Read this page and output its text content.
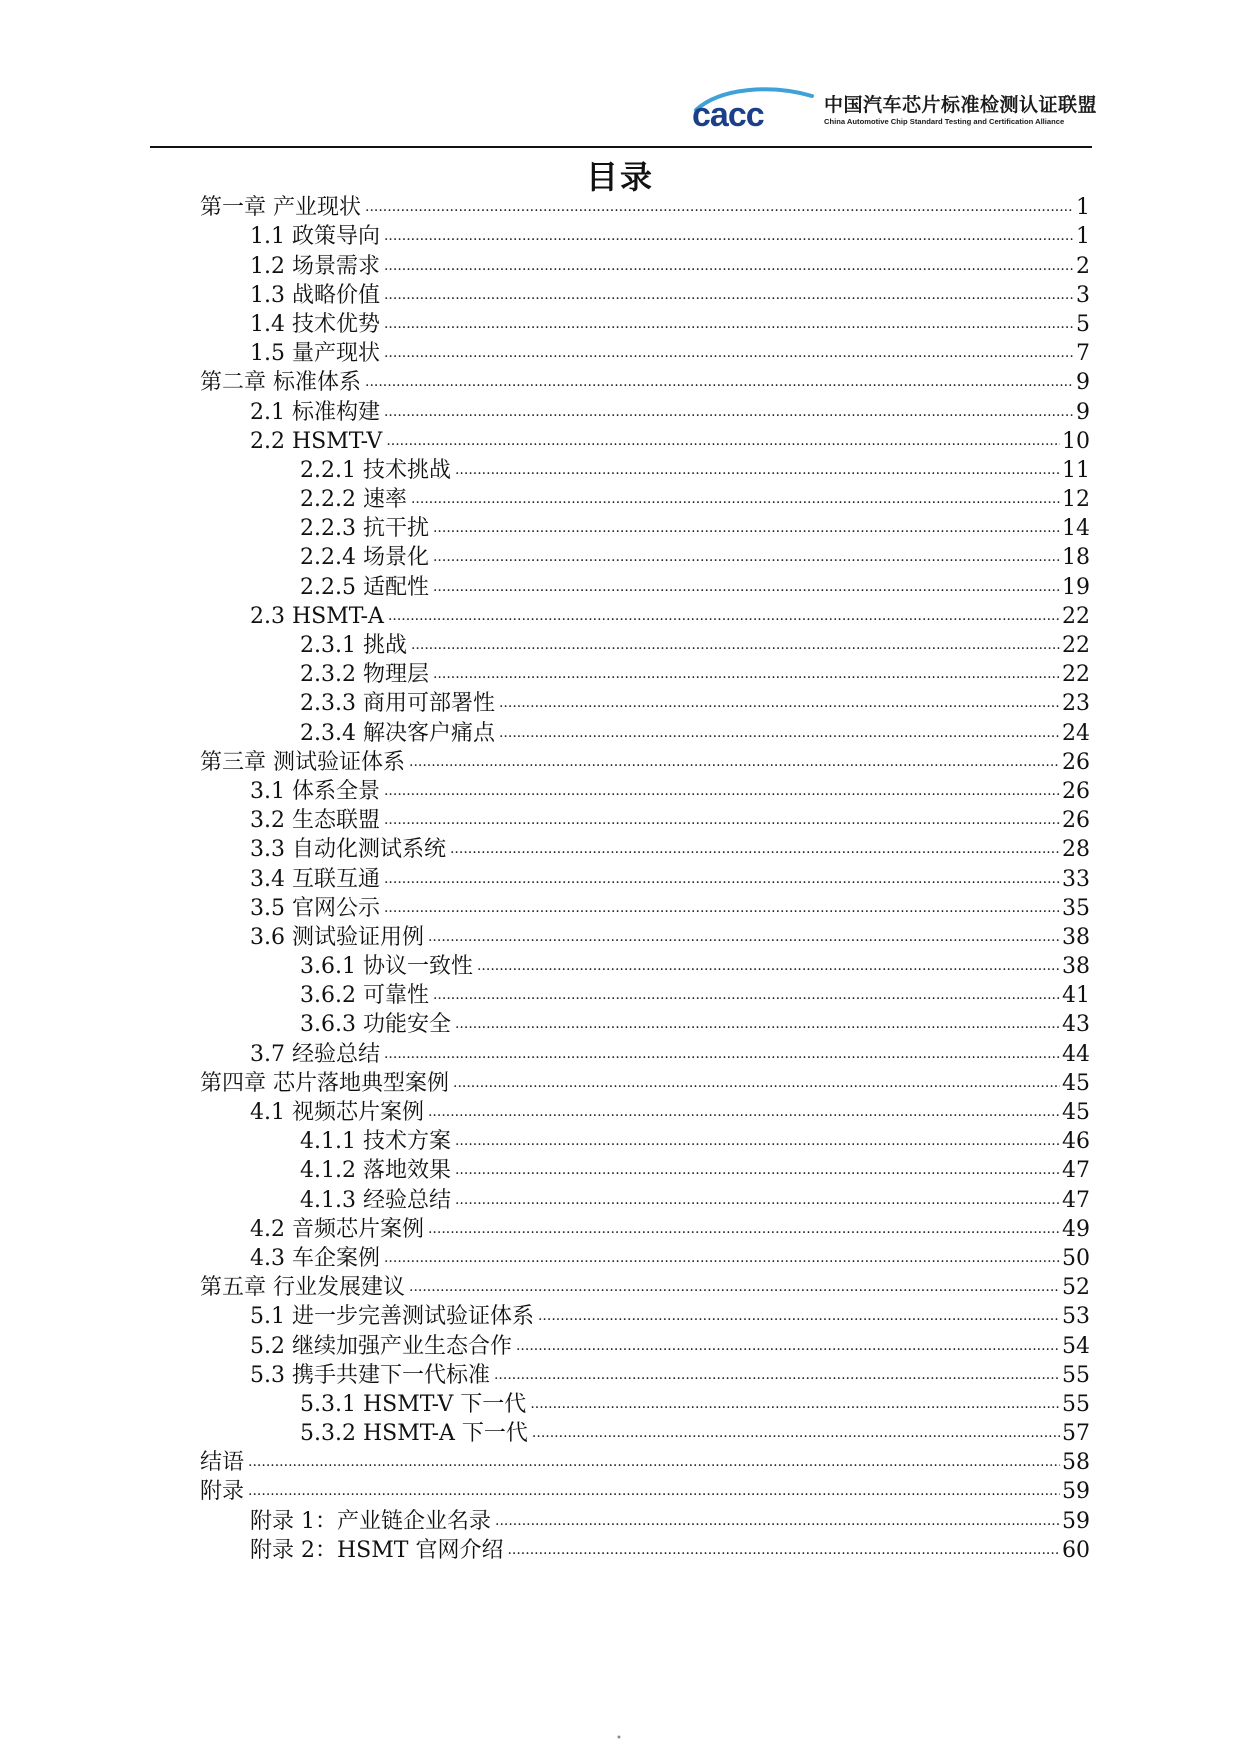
cacc	中国汽车芯片标准检测认证联盟
China Automotive Chip Standard Testing and Certification Alliance
目录
第一章 产业现状 .....	1
1.1 政策导向 .....	1
1.2 场景需求 .....	2
1.3 战略价值 .....	3
1.4 技术优势 .....	5
1.5 量产现状 .....	7
第二章 标准体系 .....	9
2.1 标准构建 .....	9
2.2 HSMT-V .....	10
2.2.1 技术挑战 .....	11
2.2.2 速率 .....	12
2.2.3 抗干扰 .....	14
2.2.4 场景化 .....	18
2.2.5 适配性 .....	19
2.3 HSMT-A .....	22
2.3.1 挑战 .....	22
2.3.2 物理层 .....	22
2.3.3 商用可部署性 .....	23
2.3.4 解决客户痛点 .....	24
第三章 测试验证体系 .....	26
3.1 体系全景 .....	26
3.2 生态联盟 .....	26
3.3 自动化测试系统 .....	28
3.4 互联互通 .....	33
3.5 官网公示 .....	35
3.6 测试验证用例 .....	38
3.6.1 协议一致性 .....	38
3.6.2 可靠性 .....	41
3.6.3 功能安全 .....	43
3.7 经验总结 .....	44
第四章 芯片落地典型案例 .....	45
4.1 视频芯片案例 .....	45
4.1.1 技术方案 .....	46
4.1.2 落地效果 .....	47
4.1.3 经验总结 .....	47
4.2 音频芯片案例 .....	49
4.3 车企案例 .....	50
第五章 行业发展建议 .....	52
5.1 进一步完善测试验证体系 .....	53
5.2 继续加强产业生态合作 .....	54
5.3 携手共建下一代标准 .....	55
5.3.1 HSMT-V 下一代 .....	55
5.3.2 HSMT-A 下一代 .....	57
结语 .....	58
附录 .....	59
附录 1：产业链企业名录 .....	59
附录 2：HSMT 官网介绍 .....	60
•
